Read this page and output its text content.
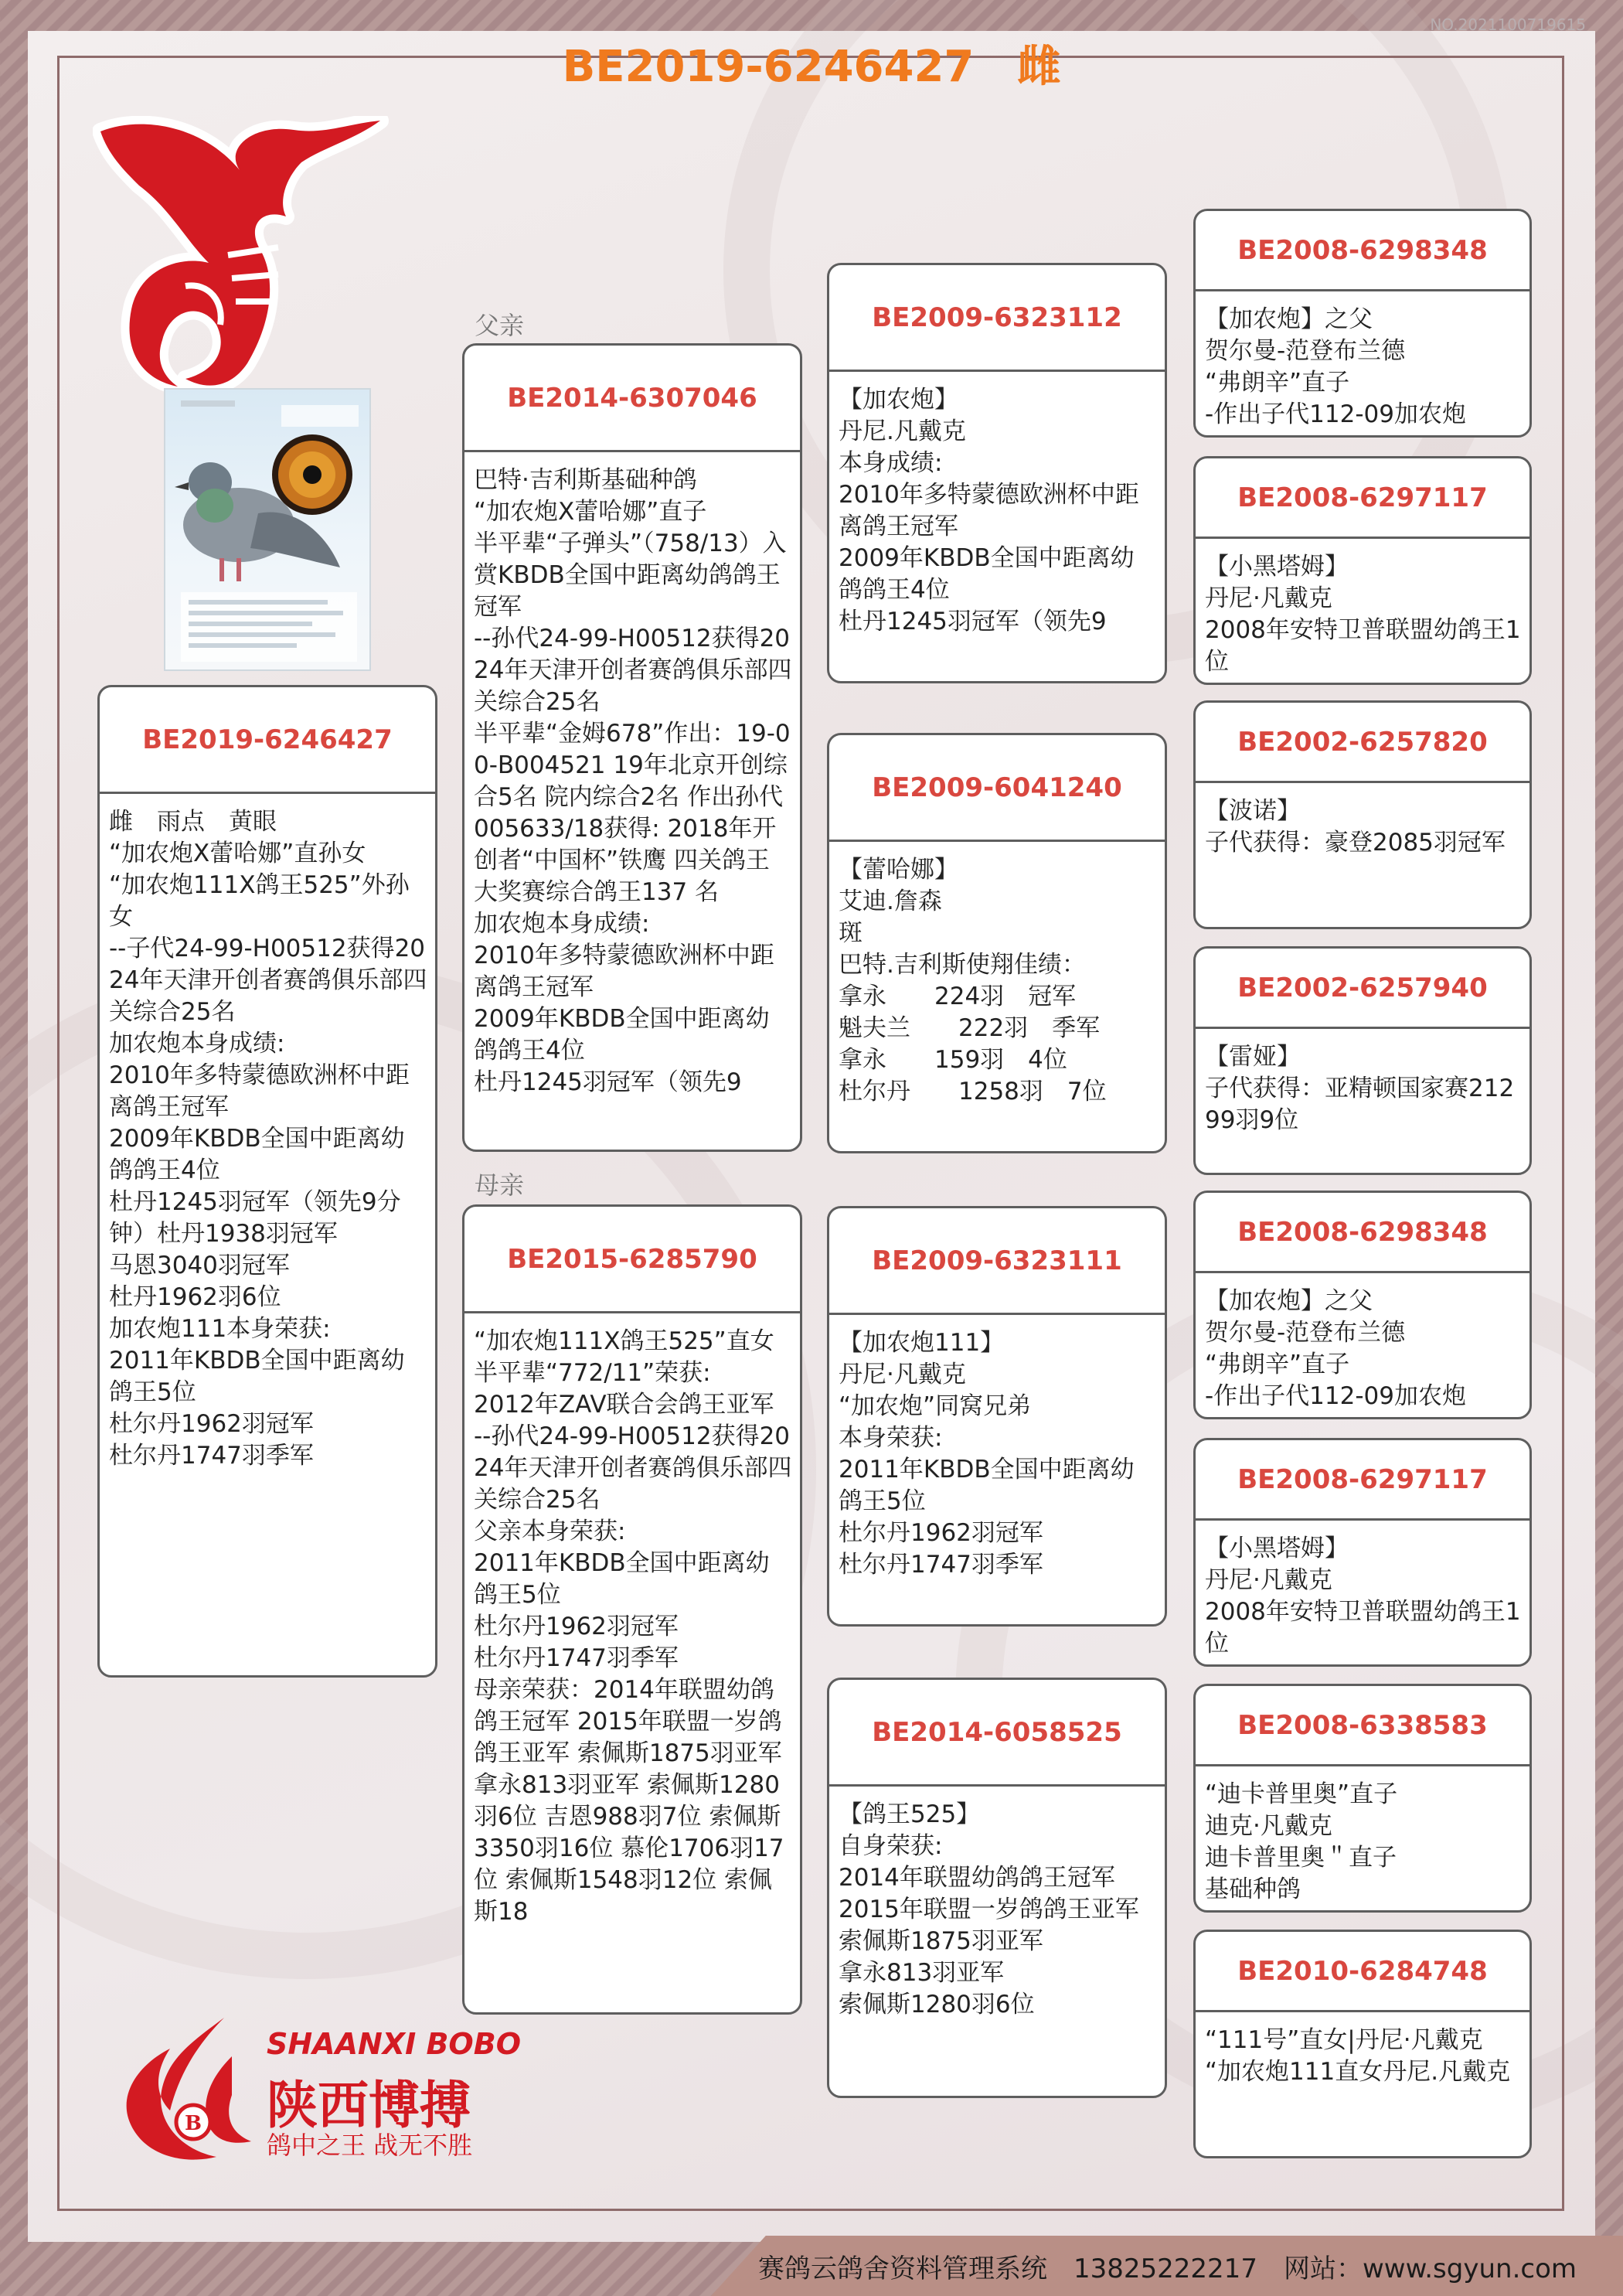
NO.2021100719615
BE2019-6246427　雌
父亲
母亲
BE2019-6246427
雌　雨点　黄眼
“加农炮X蕾哈娜”直孙女
“加农炮111X鸽王525”外孙女
--子代24-99-H00512获得2024年天津开创者赛鸽俱乐部四关综合25名
加农炮本身成绩:
2010年多特蒙德欧洲杯中距离鸽王冠军
2009年KBDB全国中距离幼鸽鸽王4位
杜丹1245羽冠军（领先9分钟）杜丹1938羽冠军
马恩3040羽冠军
杜丹1962羽6位
加农炮111本身荣获:
2011年KBDB全国中距离幼鸽王5位
杜尔丹1962羽冠军
杜尔丹1747羽季军
BE2014-6307046
巴特·吉利斯基础种鸽
“加农炮X蕾哈娜”直子
半平辈“子弹头”（758/13）入赏KBDB全国中距离幼鸽鸽王冠军
--孙代24-99-H00512获得2024年天津开创者赛鸽俱乐部四关综合25名
半平辈“金姆678”作出：19-00-B004521 19年北京开创综合5名 院内综合2名 作出孙代005633/18获得: 2018年开创者“中国杯”铁鹰 四关鸽王大奖赛综合鸽王137 名
加农炮本身成绩:
2010年多特蒙德欧洲杯中距离鸽王冠军
2009年KBDB全国中距离幼鸽鸽王4位
杜丹1245羽冠军（领先9
BE2015-6285790
“加农炮111X鸽王525”直女
半平辈“772/11”荣获:
2012年ZAV联合会鸽王亚军
--孙代24-99-H00512获得2024年天津开创者赛鸽俱乐部四关综合25名
父亲本身荣获:
2011年KBDB全国中距离幼鸽王5位
杜尔丹1962羽冠军
杜尔丹1747羽季军
母亲荣获：2014年联盟幼鸽鸽王冠军 2015年联盟一岁鸽鸽王亚军 索佩斯1875羽亚军 拿永813羽亚军 索佩斯1280羽6位 吉恩988羽7位 索佩斯3350羽16位 慕伦1706羽17位 索佩斯1548羽12位 索佩斯18
BE2009-6323112
【加农炮】
丹尼.凡戴克
本身成绩:
2010年多特蒙德欧洲杯中距离鸽王冠军
2009年KBDB全国中距离幼鸽鸽王4位
杜丹1245羽冠军（领先9
BE2009-6041240
【蕾哈娜】
艾迪.詹森
斑
巴特.吉利斯使翔佳绩：
拿永　　224羽　冠军
魁夫兰　　222羽　季军
拿永　　159羽　4位
杜尔丹　　1258羽　7位
BE2009-6323111
【加农炮111】
丹尼·凡戴克
“加农炮”同窝兄弟
本身荣获:
2011年KBDB全国中距离幼鸽王5位
杜尔丹1962羽冠军
杜尔丹1747羽季军
BE2014-6058525
【鸽王525】
自身荣获:
2014年联盟幼鸽鸽王冠军
2015年联盟一岁鸽鸽王亚军
索佩斯1875羽亚军
拿永813羽亚军
索佩斯1280羽6位
BE2008-6298348
【加农炮】之父
贺尔曼-范登布兰德
“弗朗辛”直子
-作出子代112-09加农炮
BE2008-6297117
【小黑塔姆】
丹尼·凡戴克
2008年安特卫普联盟幼鸽王1位
BE2002-6257820
【波诺】
子代获得：豪登2085羽冠军
BE2002-6257940
【雷娅】
子代获得：亚精顿国家赛21299羽9位
BE2008-6298348
【加农炮】之父
贺尔曼-范登布兰德
“弗朗辛”直子
-作出子代112-09加农炮
BE2008-6297117
【小黑塔姆】
丹尼·凡戴克
2008年安特卫普联盟幼鸽王1位
BE2008-6338583
“迪卡普里奥”直子
迪克·凡戴克
迪卡普里奥＂直子
基础种鸽
BE2010-6284748
“111号”直女|丹尼·凡戴克
“加农炮111直女丹尼.凡戴克
B
SHAANXI BOBO
陕西博搏
鸽中之王 战无不胜
赛鸽云鸽舍资料管理系统　13825222217　网站：www.sgyun.com
